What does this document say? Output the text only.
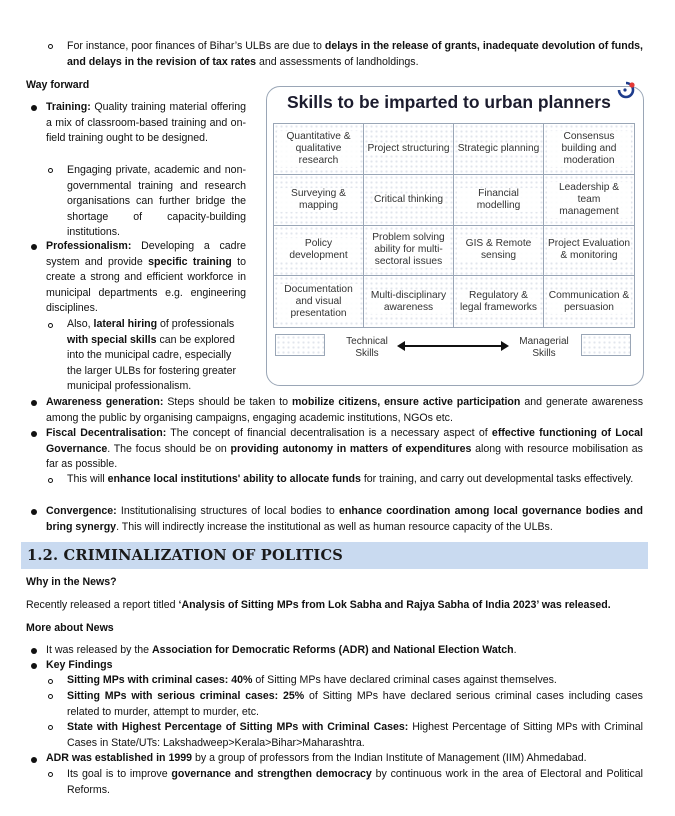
For instance, poor finances of Bihar’s ULBs are due to delays in the release of grants, inadequate devolution of funds, and delays in the revision of tax rates and assessments of landholdings.
Way forward
Training: Quality training material offering a mix of classroom-based training and on-field training ought to be designed.
Engaging private, academic and non-governmental training and research organisations can further bridge the shortage of capacity-building institutions.
Professionalism: Developing a cadre system and provide specific training to create a strong and efficient workforce in municipal departments e.g. engineering disciplines.
Also, lateral hiring of professionals with special skills can be explored into the municipal cadre, especially the larger ULBs for fostering greater municipal professionalism.
Skills to be imparted to urban planners
Quantitative & qualitative research
Project structuring Strategic planning
Consensus building and moderation
Surveying & mapping
Critical thinking
Financial modelling
Leadership & team management
Policy development
Problem solving ability for multi-sectoral issues
GIS & Remote sensing
Project Evaluation & monitoring
Documentation and visual presentation
Multi-disciplinary awareness
Regulatory & legal frameworks
Communication & persuasion
Technical Skills
Managerial Skills
Awareness generation: Steps should be taken to mobilize citizens, ensure active participation and generate awareness among the public by organising campaigns, engaging academic institutions, NGOs etc.
Fiscal Decentralisation: The concept of financial decentralisation is a necessary aspect of effective functioning of Local Governance. The focus should be on providing autonomy in matters of expenditures along with resource mobilisation as far as possible.
This will enhance local institutions' ability to allocate funds for training, and carry out developmental tasks effectively.
Convergence: Institutionalising structures of local bodies to enhance coordination among local governance bodies and bring synergy. This will indirectly increase the institutional as well as human resource capacity of the ULBs.
1.2. CRIMINALIZATION OF POLITICS
Why in the News?
Recently released a report titled ‘Analysis of Sitting MPs from Lok Sabha and Rajya Sabha of India 2023’ was released.
More about News
It was released by the Association for Democratic Reforms (ADR) and National Election Watch.
Key Findings
Sitting MPs with criminal cases: 40% of Sitting MPs have declared criminal cases against themselves.
Sitting MPs with serious criminal cases: 25% of Sitting MPs have declared serious criminal cases including cases related to murder, attempt to murder, etc.
State with Highest Percentage of Sitting MPs with Criminal Cases: Highest Percentage of Sitting MPs with Criminal Cases in State/UTs: Lakshadweep>Kerala>Bihar>Maharashtra.
ADR was established in 1999 by a group of professors from the Indian Institute of Management (IIM) Ahmedabad.
Its goal is to improve governance and strengthen democracy by continuous work in the area of Electoral and Political Reforms.
